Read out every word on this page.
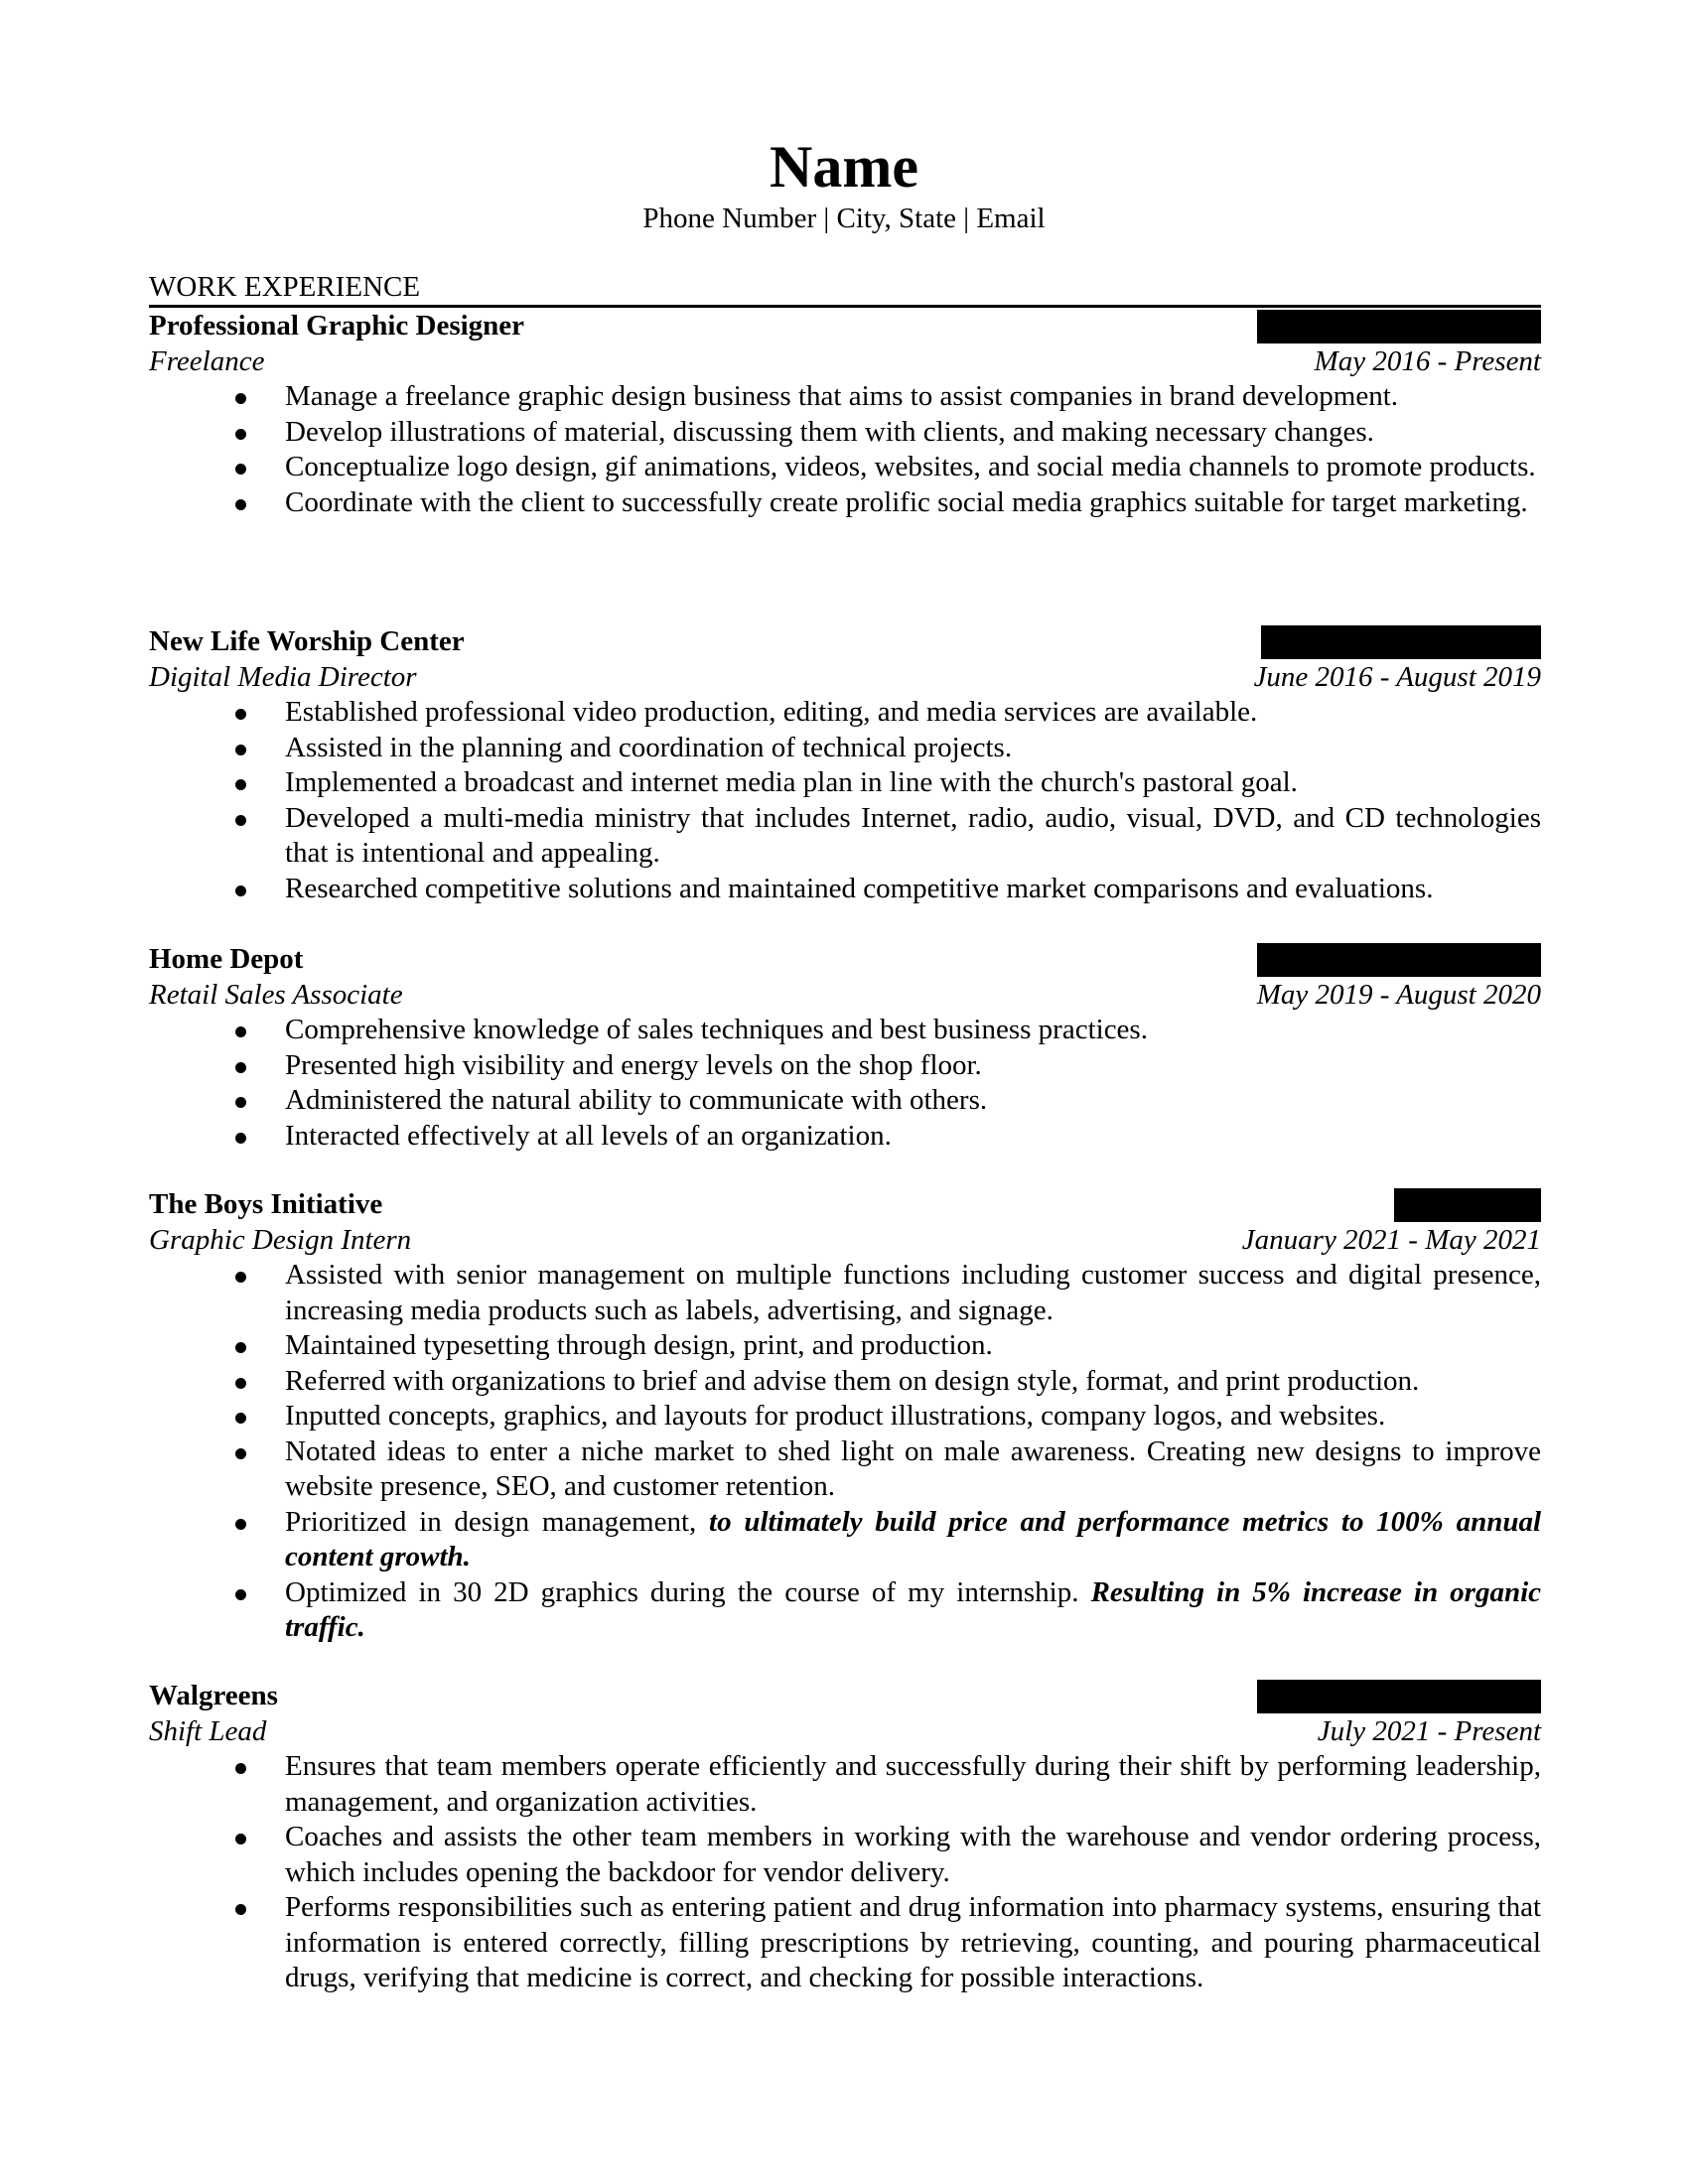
Name
Phone Number | City, State | Email
WORK EXPERIENCE
Professional Graphic Designer
Freelance	May 2016 - Present
Manage a freelance graphic design business that aims to assist companies in brand development.
Develop illustrations of material, discussing them with clients, and making necessary changes.
Conceptualize logo design, gif animations, videos, websites, and social media channels to promote products.
Coordinate with the client to successfully create prolific social media graphics suitable for target marketing.
New Life Worship Center
Digital Media Director	June 2016 - August 2019
Established professional video production, editing, and media services are available.
Assisted in the planning and coordination of technical projects.
Implemented a broadcast and internet media plan in line with the church's pastoral goal.
Developed a multi-media ministry that includes Internet, radio, audio, visual, DVD, and CD technologies that is intentional and appealing.
Researched competitive solutions and maintained competitive market comparisons and evaluations.
Home Depot
Retail Sales Associate	May 2019 - August 2020
Comprehensive knowledge of sales techniques and best business practices.
Presented high visibility and energy levels on the shop floor.
Administered the natural ability to communicate with others.
Interacted effectively at all levels of an organization.
The Boys Initiative
Graphic Design Intern	January 2021 - May 2021
Assisted with senior management on multiple functions including customer success and digital presence, increasing media products such as labels, advertising, and signage.
Maintained typesetting through design, print, and production.
Referred with organizations to brief and advise them on design style, format, and print production.
Inputted concepts, graphics, and layouts for product illustrations, company logos, and websites.
Notated ideas to enter a niche market to shed light on male awareness. Creating new designs to improve website presence, SEO, and customer retention.
Prioritized in design management, to ultimately build price and performance metrics to 100% annual content growth.
Optimized in 30 2D graphics during the course of my internship. Resulting in 5% increase in organic traffic.
Walgreens
Shift Lead	July 2021 - Present
Ensures that team members operate efficiently and successfully during their shift by performing leadership, management, and organization activities.
Coaches and assists the other team members in working with the warehouse and vendor ordering process, which includes opening the backdoor for vendor delivery.
Performs responsibilities such as entering patient and drug information into pharmacy systems, ensuring that information is entered correctly, filling prescriptions by retrieving, counting, and pouring pharmaceutical drugs, verifying that medicine is correct, and checking for possible interactions.
